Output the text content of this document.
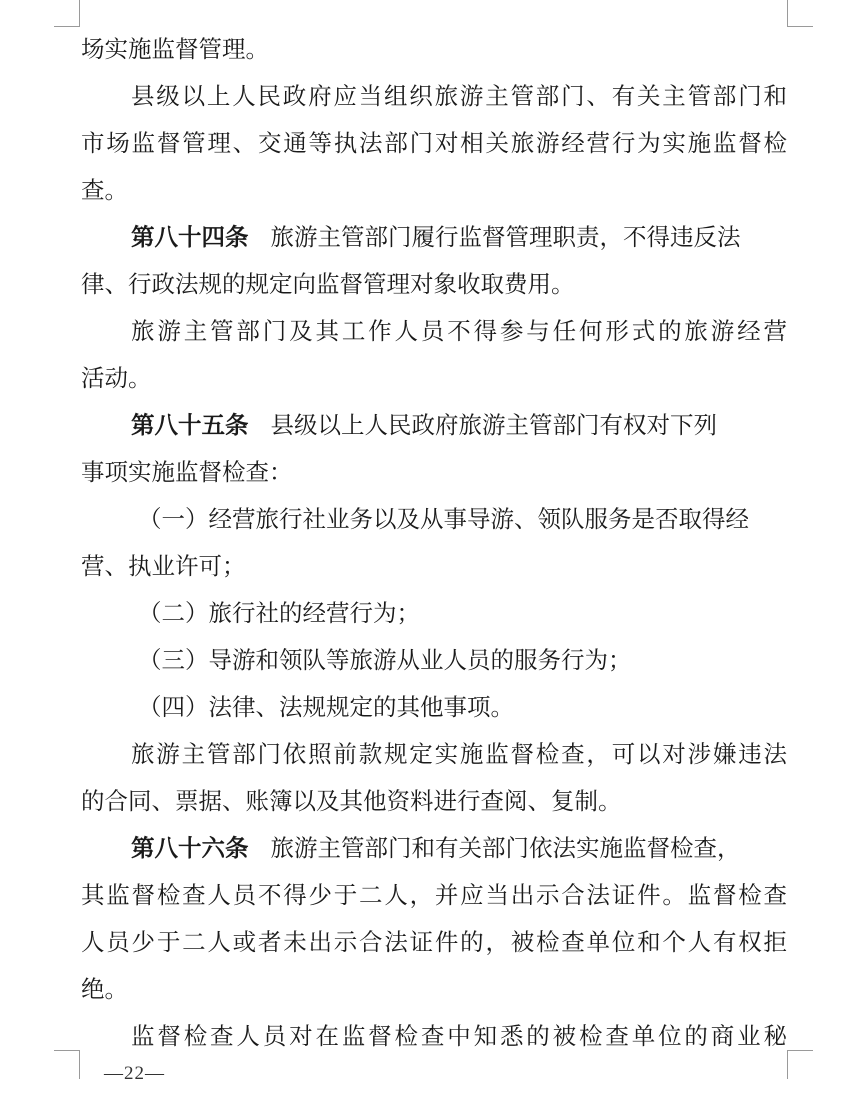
场实施监督管理。
县级以上人民政府应当组织旅游主管部门、有关主管部门和
市场监督管理、交通等执法部门对相关旅游经营行为实施监督检
查。
第八十四条 旅游主管部门履行监督管理职责，不得违反法
律、行政法规的规定向监督管理对象收取费用。
旅游主管部门及其工作人员不得参与任何形式的旅游经营
活动。
第八十五条 县级以上人民政府旅游主管部门有权对下列
事项实施监督检查：
（一）经营旅行社业务以及从事导游、领队服务是否取得经
营、执业许可；
（二）旅行社的经营行为；
（三）导游和领队等旅游从业人员的服务行为；
（四）法律、法规规定的其他事项。
旅游主管部门依照前款规定实施监督检查，可以对涉嫌违法
的合同、票据、账簿以及其他资料进行查阅、复制。
第八十六条 旅游主管部门和有关部门依法实施监督检查，
其监督检查人员不得少于二人，并应当出示合法证件。监督检查
人员少于二人或者未出示合法证件的，被检查单位和个人有权拒
绝。
监督检查人员对在监督检查中知悉的被检查单位的商业秘
—22—
